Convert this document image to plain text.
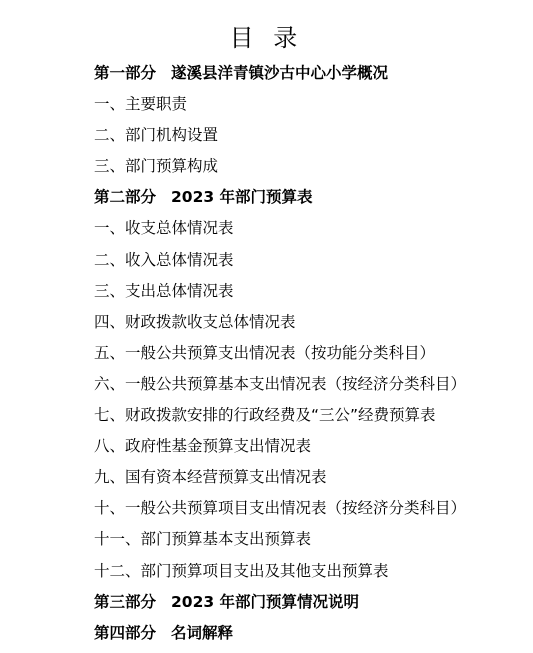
目 录
第一部分 遂溪县洋青镇沙古中心小学概况
一、主要职责
二、部门机构设置
三、部门预算构成
第二部分 2023 年部门预算表
一、收支总体情况表
二、收入总体情况表
三、支出总体情况表
四、财政拨款收支总体情况表
五、一般公共预算支出情况表（按功能分类科目）
六、一般公共预算基本支出情况表（按经济分类科目）
七、财政拨款安排的行政经费及“三公”经费预算表
八、政府性基金预算支出情况表
九、国有资本经营预算支出情况表
十、一般公共预算项目支出情况表（按经济分类科目）
十一、部门预算基本支出预算表
十二、部门预算项目支出及其他支出预算表
第三部分 2023 年部门预算情况说明
第四部分 名词解释
